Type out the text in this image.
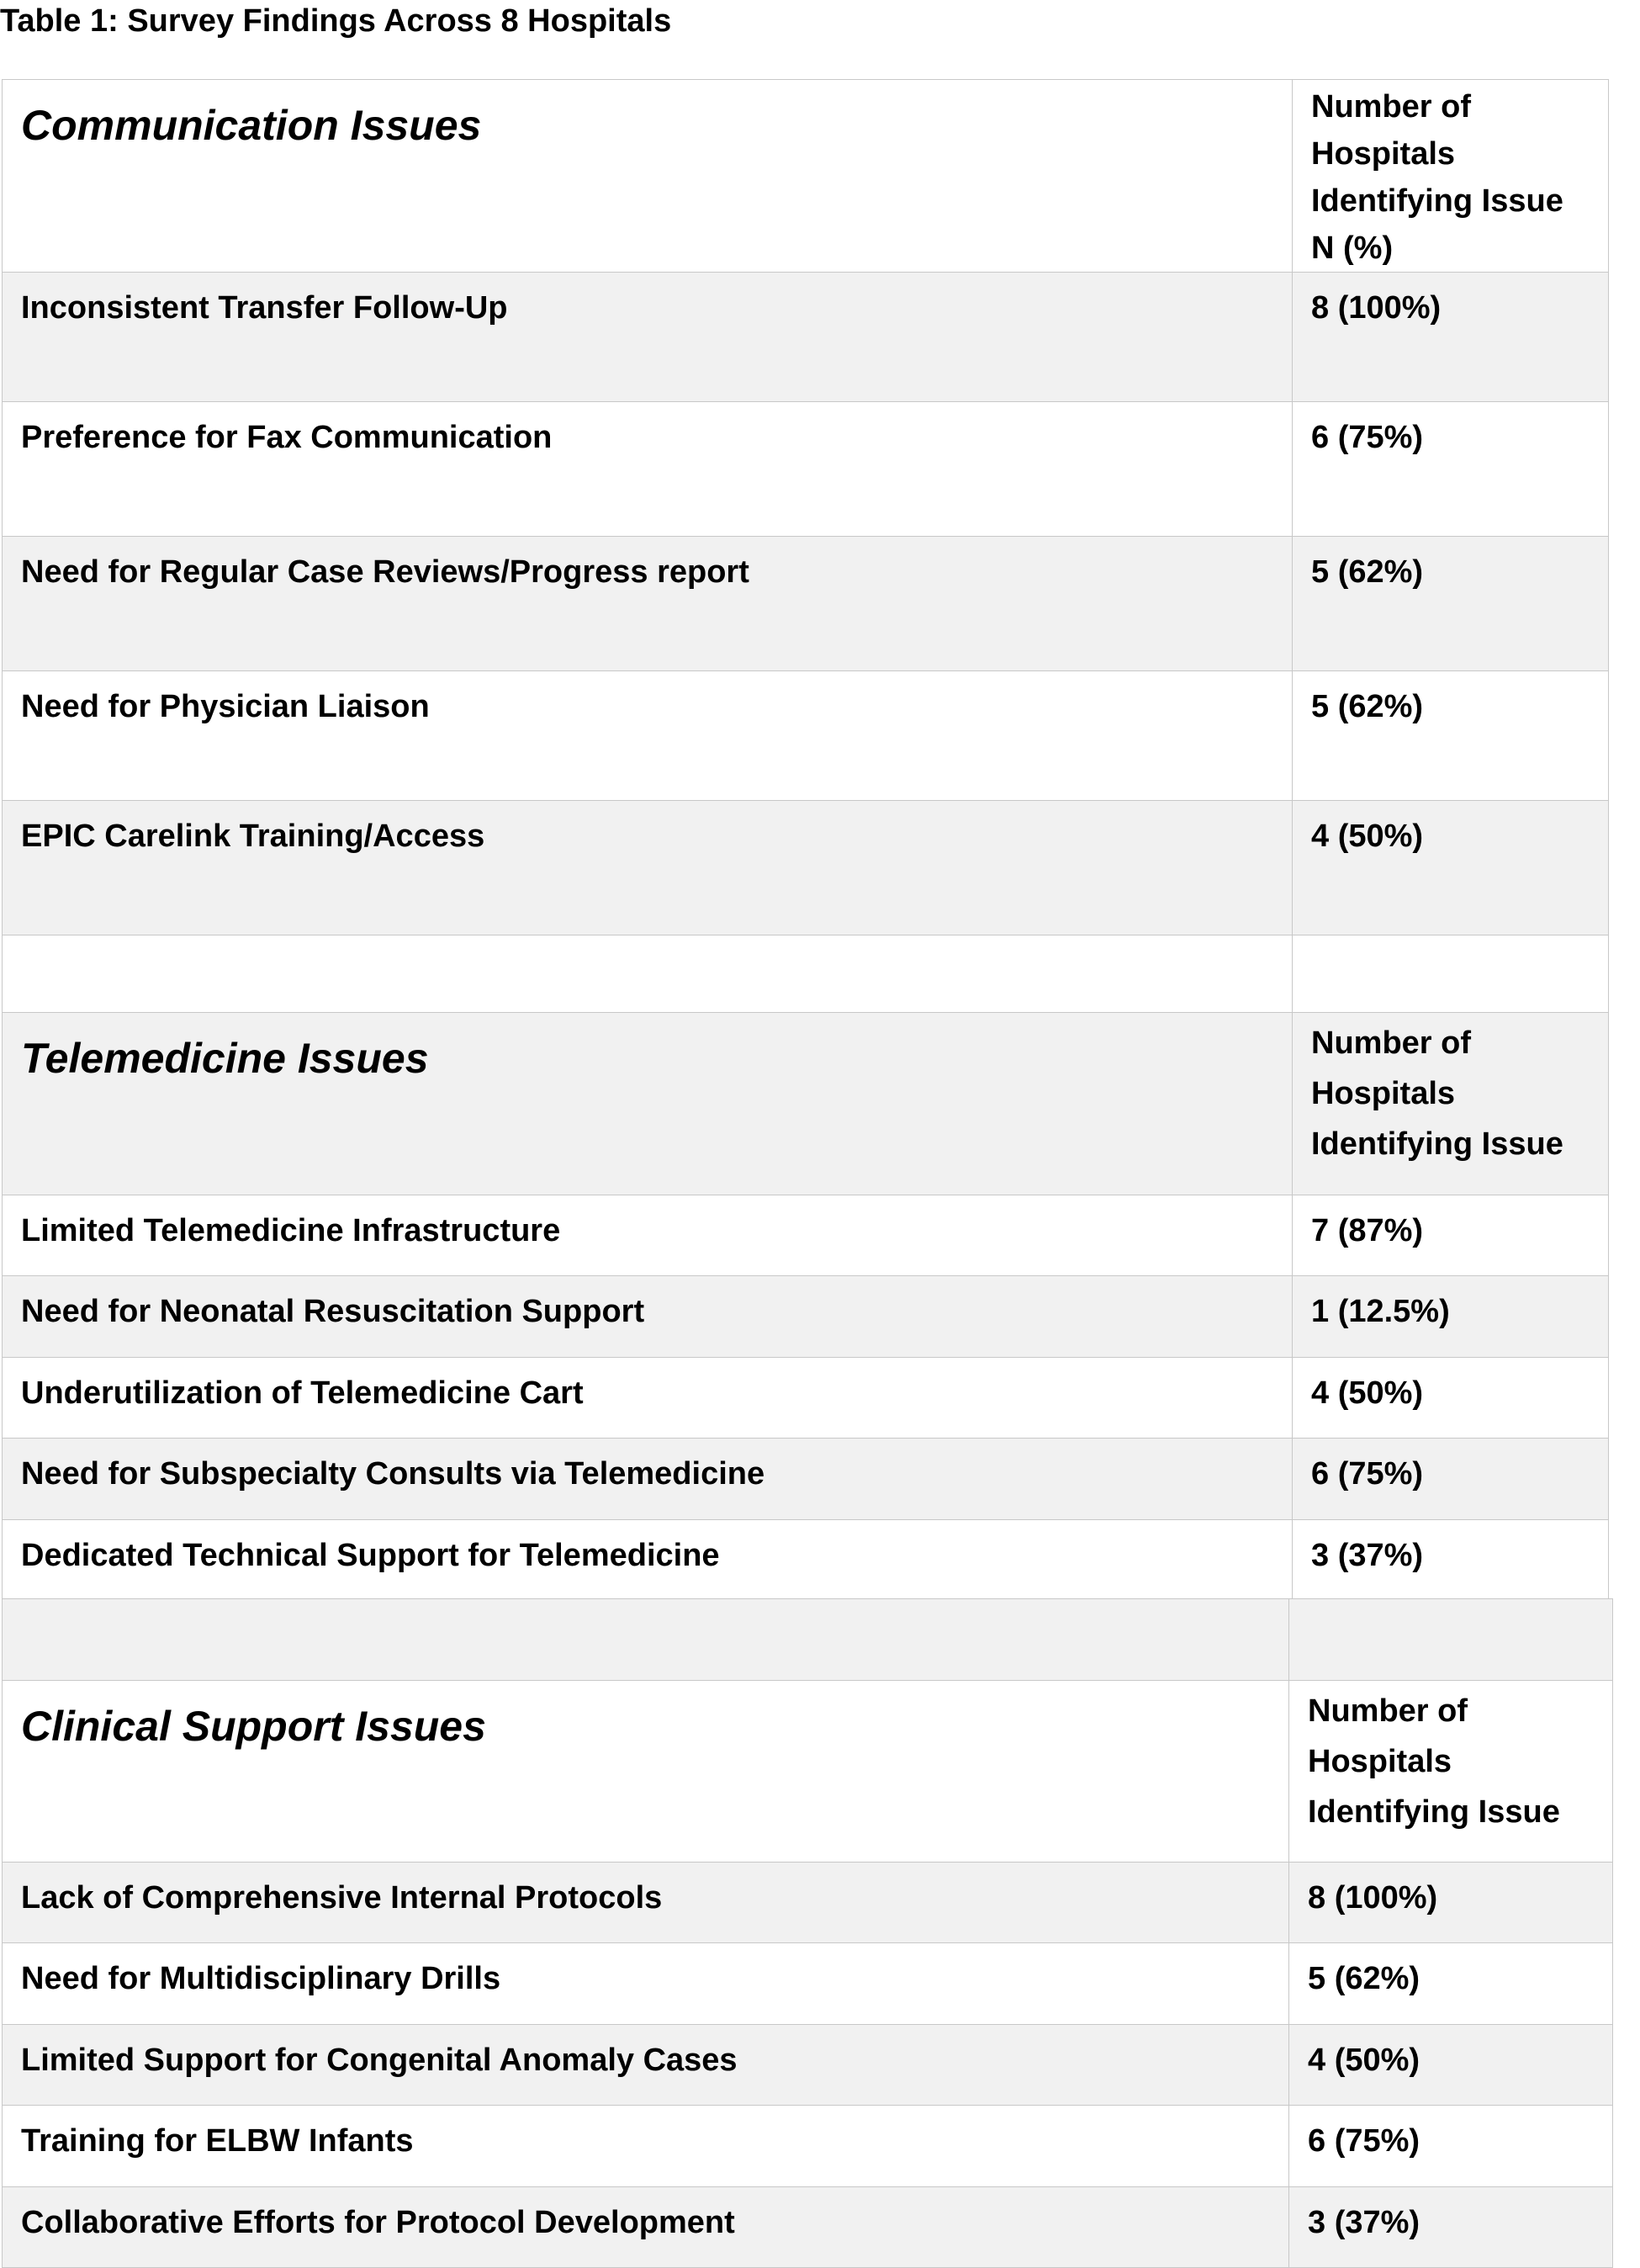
Table 1: Survey Findings Across 8 Hospitals
Communication Issues	Number of Hospitals Identifying Issue N (%)
Inconsistent Transfer Follow-Up	8 (100%)
Preference for Fax Communication	6 (75%)
Need for Regular Case Reviews/Progress report	5 (62%)
Need for Physician Liaison	5 (62%)
EPIC Carelink Training/Access	4 (50%)

Telemedicine Issues	Number of Hospitals Identifying Issue
Limited Telemedicine Infrastructure	7 (87%)
Need for Neonatal Resuscitation Support	1 (12.5%)
Underutilization of Telemedicine Cart	4 (50%)
Need for Subspecialty Consults via Telemedicine	6 (75%)
Dedicated Technical Support for Telemedicine	3 (37%)

Clinical Support Issues	Number of Hospitals Identifying Issue
Lack of Comprehensive Internal Protocols	8 (100%)
Need for Multidisciplinary Drills	5 (62%)
Limited Support for Congenital Anomaly Cases	4 (50%)
Training for ELBW Infants	6 (75%)
Collaborative Efforts for Protocol Development	3 (37%)
